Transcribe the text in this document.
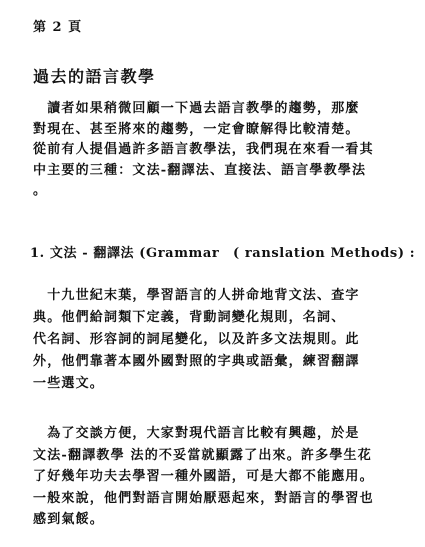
第 2 頁
過去的語言教學
　讀者如果稍微回顧一下過去語言教學的趨勢，那麼
對現在、甚至將來的趨勢，一定會瞭解得比較清楚。
從前有人提倡過許多語言教學法，我們現在來看一看其
中主要的三種：文法-翻譯法、直接法、語言學教學法
。
1. 文法 - 翻譯法 (Grammar　( ranslation Methods) :
　十九世紀末葉，學習語言的人拼命地背文法、查字
典。他們給詞類下定義，背動詞變化規則，名詞、
代名詞、形容詞的詞尾變化，以及許多文法規則。此
外，他們靠著本國外國對照的字典或語彙，練習翻譯
一些選文。
　為了交談方便，大家對現代語言比較有興趣，於是
文法-翻譯教學 法的不妥當就顯露了出來。許多學生花
了好幾年功夫去學習一種外國語，可是大都不能應用。
一般來說，他們對語言開始厭惡起來，對語言的學習也
感到氣餒。
